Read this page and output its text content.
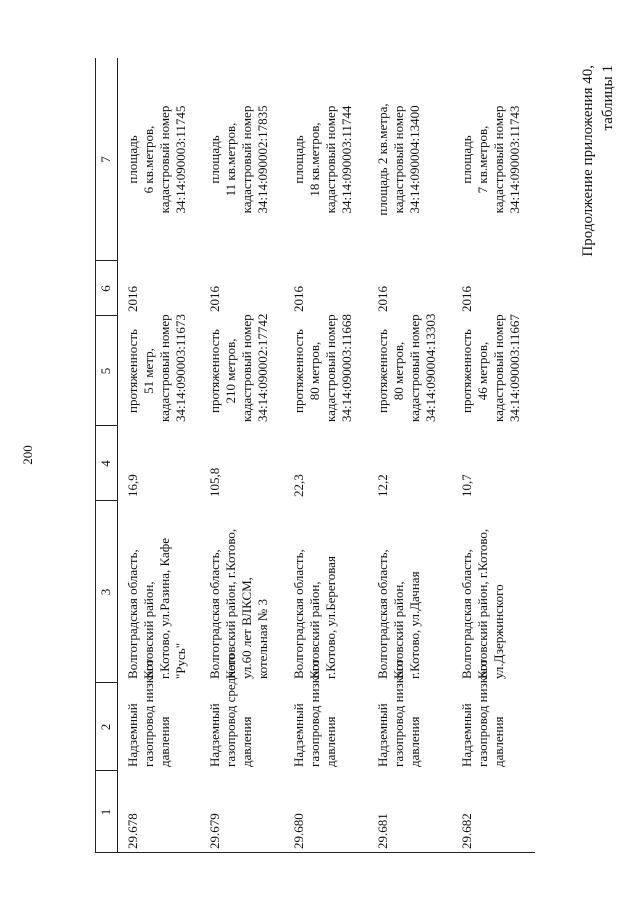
200
Продолжение приложения 40, таблицы 1
1
2
3
4
5
6
7
29.678
Надземный газопровод низкого давления
Волгоградская область, Котовский район, г.Котово, ул.Разина, Кафе "Русь"
16,9
протяженность 51 метр, кадастровый номер 34:14:090003:11673
2016
площадь 6 кв.метров, кадастровый номер 34:14:090003:11745
29.679
Надземный газопровод среднего давления
Волгоградская область, Котовский район, г.Котово, ул.60 лет ВЛКСМ, котельная № 3
105,8
протяженность 210 метров, кадастровый номер 34:14:090002:17742
2016
площадь 11 кв.метров, кадастровый номер 34:14:090002:17835
29.680
Надземный газопровод низкого давления
Волгоградская область, Котовский район, г.Котово, ул.Береговая
22,3
протяженность 80 метров, кадастровый номер 34:14:090003:11668
2016
площадь 18 кв.метров, кадастровый номер 34:14:090003:11744
29.681
Надземный газопровод низкого давления
Волгоградская область, Котовский район, г.Котово, ул.Дачная
12,2
протяженность 80 метров, кадастровый номер 34:14:090004:13303
2016
площадь 2 кв.метра, кадастровый номер 34:14:090004:13400
29.682
Надземный газопровод низкого давления
Волгоградская область, Котовский район, г.Котово, ул.Дзержинского
10,7
протяженность 46 метров, кадастровый номер 34:14:090003:11667
2016
площадь 7 кв.метров, кадастровый номер 34:14:090003:11743
